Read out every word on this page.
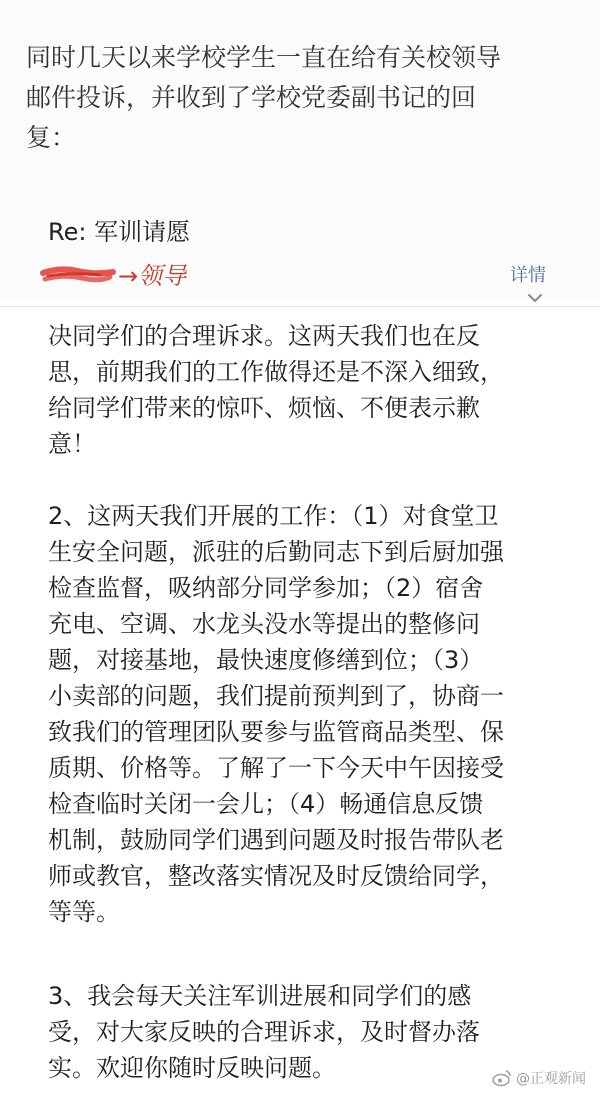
同时几天以来学校学生一直在给有关校领导
邮件投诉，并收到了学校党委副书记的回
复：

Re: 军训请愿
→领导	详情

决同学们的合理诉求。这两天我们也在反
思，前期我们的工作做得还是不深入细致，
给同学们带来的惊吓、烦恼、不便表示歉
意！

2、这两天我们开展的工作：（1）对食堂卫
生安全问题，派驻的后勤同志下到后厨加强
检查监督，吸纳部分同学参加；（2）宿舍
充电、空调、水龙头没水等提出的整修问
题，对接基地，最快速度修缮到位；（3）
小卖部的问题，我们提前预判到了，协商一
致我们的管理团队要参与监管商品类型、保
质期、价格等。了解了一下今天中午因接受
检查临时关闭一会儿；（4）畅通信息反馈
机制，鼓励同学们遇到问题及时报告带队老
师或教官，整改落实情况及时反馈给同学，
等等。

3、我会每天关注军训进展和同学们的感
受，对大家反映的合理诉求，及时督办落
实。欢迎你随时反映问题。	@正观新闻
